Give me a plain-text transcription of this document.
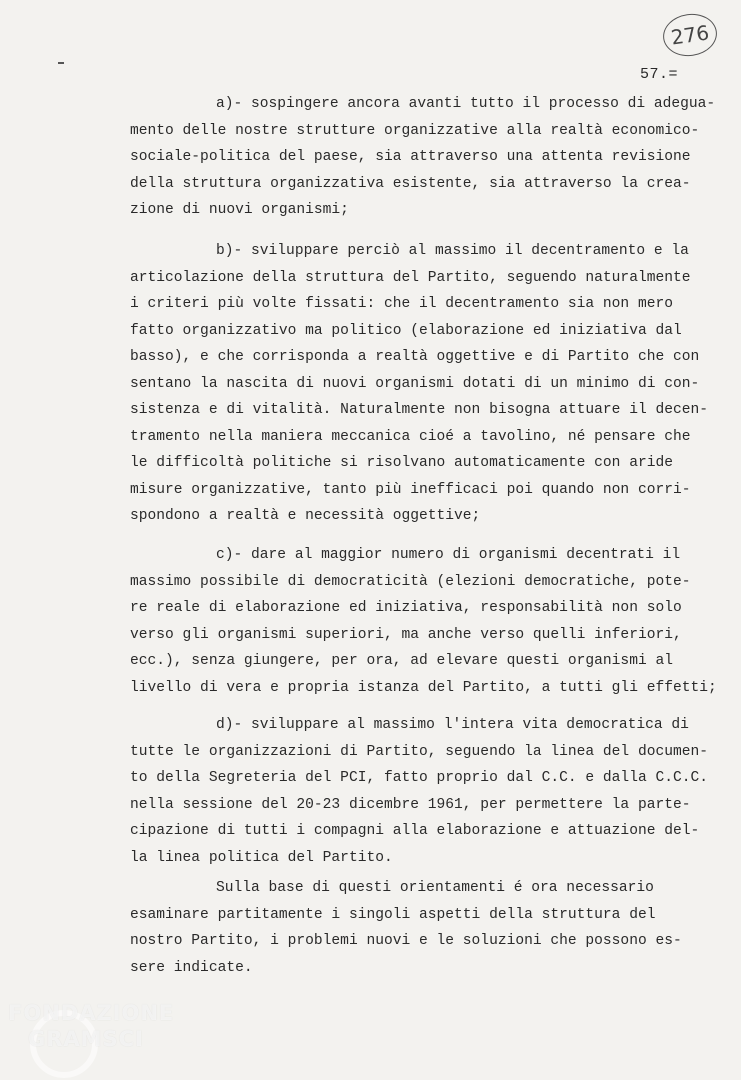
276
57.=
a)- sospingere ancora avanti tutto il processo di adegua-
mento delle nostre strutture organizzative alla realtà economico-
sociale-politica del paese, sia attraverso una attenta revisione
della struttura organizzativa esistente, sia attraverso la crea-
zione di nuovi organismi;
b)- sviluppare perciò al massimo il decentramento e la
articolazione della struttura del Partito, seguendo naturalmente
i criteri più volte fissati: che il decentramento sia non mero
fatto organizzativo ma politico (elaborazione ed iniziativa dal
basso), e che corrisponda a realtà oggettive e di Partito che con
sentano la nascita di nuovi organismi dotati di un minimo di con-
sistenza e di vitalità. Naturalmente non bisogna attuare il decen-
tramento nella maniera meccanica cioé a tavolino, né pensare che
le difficoltà politiche si risolvano automaticamente con aride
misure organizzative, tanto più inefficaci poi quando non corri-
spondono a realtà e necessità oggettive;
c)- dare al maggior numero di organismi decentrati il
massimo possibile di democraticità (elezioni democratiche, pote-
re reale di elaborazione ed iniziativa, responsabilità non solo
verso gli organismi superiori, ma anche verso quelli inferiori,
ecc.), senza giungere, per ora, ad elevare questi organismi al
livello di vera e propria istanza del Partito, a tutti gli effetti;
d)- sviluppare al massimo l'intera vita democratica di
tutte le organizzazioni di Partito, seguendo la linea del documen-
to della Segreteria del PCI, fatto proprio dal C.C. e dalla C.C.C.
nella sessione del 20-23 dicembre 1961, per permettere la parte-
cipazione di tutti i compagni alla elaborazione e attuazione del-
la linea politica del Partito.
Sulla base di questi orientamenti é ora necessario
esaminare partitamente i singoli aspetti della struttura del
nostro Partito, i problemi nuovi e le soluzioni che possono es-
sere indicate.
FONDAZIONE
GRAMSCI
